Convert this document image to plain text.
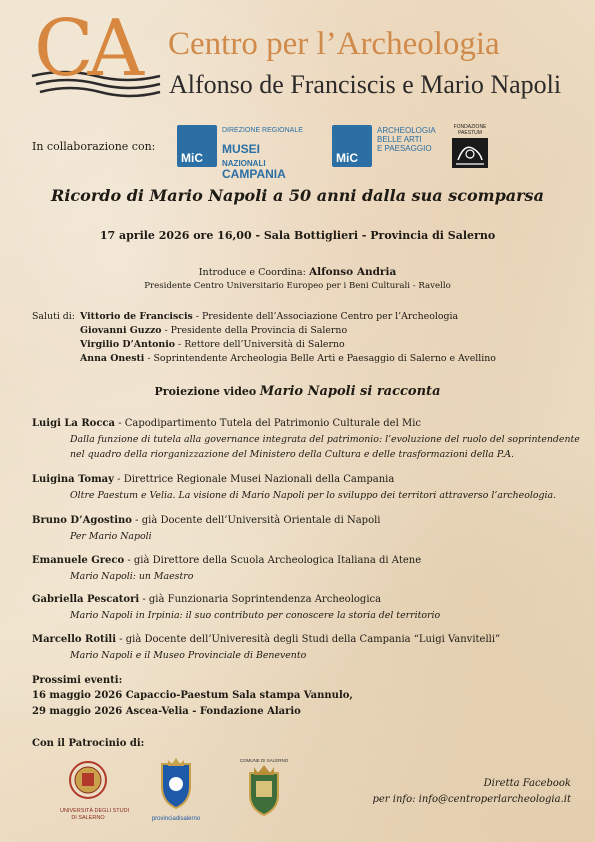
CA Centro per l’Archeologia
Alfonso de Franciscis e Mario Napoli
In collaborazione con:
MiC
DIREZIONE REGIONALE
MUSEI
NAZIONALI
CAMPANIA
MiC
ARCHEOLOGIA
BELLE ARTI
E PAESAGGIO
FONDAZIONE
PAESTUM
Ricordo di Mario Napoli a 50 anni dalla sua scomparsa
17 aprile 2026 ore 16,00 - Sala Bottiglieri - Provincia di Salerno
Introduce e Coordina: Alfonso Andria
Presidente Centro Universitario Europeo per i Beni Culturali - Ravello
Saluti di: Vittorio de Franciscis - Presidente dell’Associazione Centro per l’Archeologia
Giovanni Guzzo - Presidente della Provincia di Salerno
Virgilio D’Antonio - Rettore dell’Università di Salerno
Anna Onesti - Soprintendente Archeologia Belle Arti e Paesaggio di Salerno e Avellino
Proiezione video Mario Napoli si racconta
Luigi La Rocca - Capodipartimento Tutela del Patrimonio Culturale del Mic
Dalla funzione di tutela alla governance integrata del patrimonio: l’evoluzione del ruolo del soprintendente
nel quadro della riorganizzazione del Ministero della Cultura e delle trasformazioni della P.A.
Luigina Tomay - Direttrice Regionale Musei Nazionali della Campania
Oltre Paestum e Velia. La visione di Mario Napoli per lo sviluppo dei territori attraverso l’archeologia.
Bruno D’Agostino - già Docente dell’Università Orientale di Napoli
Per Mario Napoli
Emanuele Greco - già Direttore della Scuola Archeologica Italiana di Atene
Mario Napoli: un Maestro
Gabriella Pescatori - già Funzionaria Soprintendenza Archeologica
Mario Napoli in Irpinia: il suo contributo per conoscere la storia del territorio
Marcello Rotili - già Docente dell’Univeresità degli Studi della Campania “Luigi Vanvitelli”
Mario Napoli e il Museo Provinciale di Benevento
Prossimi eventi:
16 maggio 2026 Capaccio-Paestum Sala stampa Vannulo,
29 maggio 2026 Ascea-Velia - Fondazione Alario
Con il Patrocinio di:
UNIVERSITÀ DEGLI STUDI
DI SALERNO	provinciadisalerno
COMUNE DI SALERNO
Diretta Facebook
per info: info@centroperlarcheologia.it
